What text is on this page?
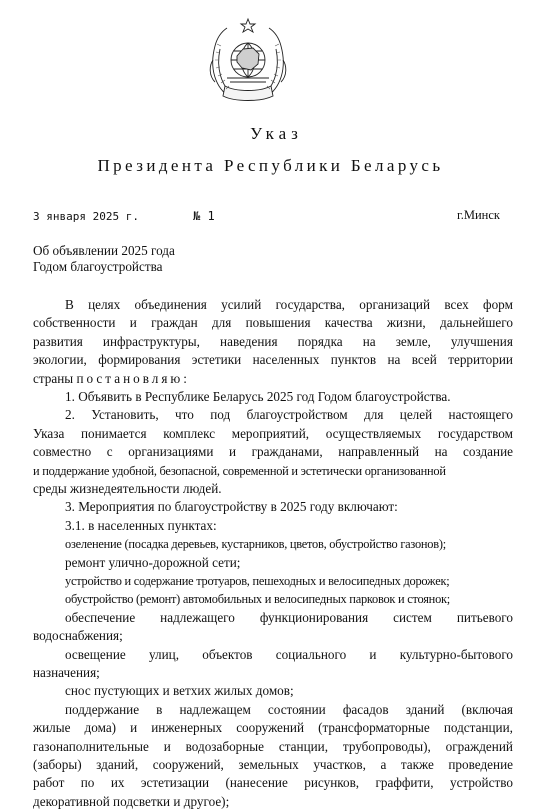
Указ
Президента Республики Беларусь
3 января 2025 г.	№ 1	г.Минск
Об объявлении 2025 года
Годом благоустройства
В целях объединения усилий государства, организаций всех форм
собственности и граждан для повышения качества жизни, дальнейшего
развития инфраструктуры, наведения порядка на земле, улучшения
экологии, формирования эстетики населенных пунктов на всей территории
страны постановляю:
1. Объявить в Республике Беларусь 2025 год Годом благоустройства.
2. Установить, что под благоустройством для целей настоящего
Указа понимается комплекс мероприятий, осуществляемых государством
совместно с организациями и гражданами, направленный на создание
и поддержание удобной, безопасной, современной и эстетически организованной
среды жизнедеятельности людей.
3. Мероприятия по благоустройству в 2025 году включают:
3.1. в населенных пунктах:
озеленение (посадка деревьев, кустарников, цветов, обустройство газонов);
ремонт улично-дорожной сети;
устройство и содержание тротуаров, пешеходных и велосипедных дорожек;
обустройство (ремонт) автомобильных и велосипедных парковок и стоянок;
обеспечение надлежащего функционирования систем питьевого
водоснабжения;
освещение улиц, объектов социального и культурно-бытового
назначения;
снос пустующих и ветхих жилых домов;
поддержание в надлежащем состоянии фасадов зданий (включая
жилые дома) и инженерных сооружений (трансформаторные подстанции,
газонаполнительные и водозаборные станции, трубопроводы), ограждений
(заборы) зданий, сооружений, земельных участков, а также проведение
работ по их эстетизации (нанесение рисунков, граффити, устройство
декоративной подсветки и другое);
